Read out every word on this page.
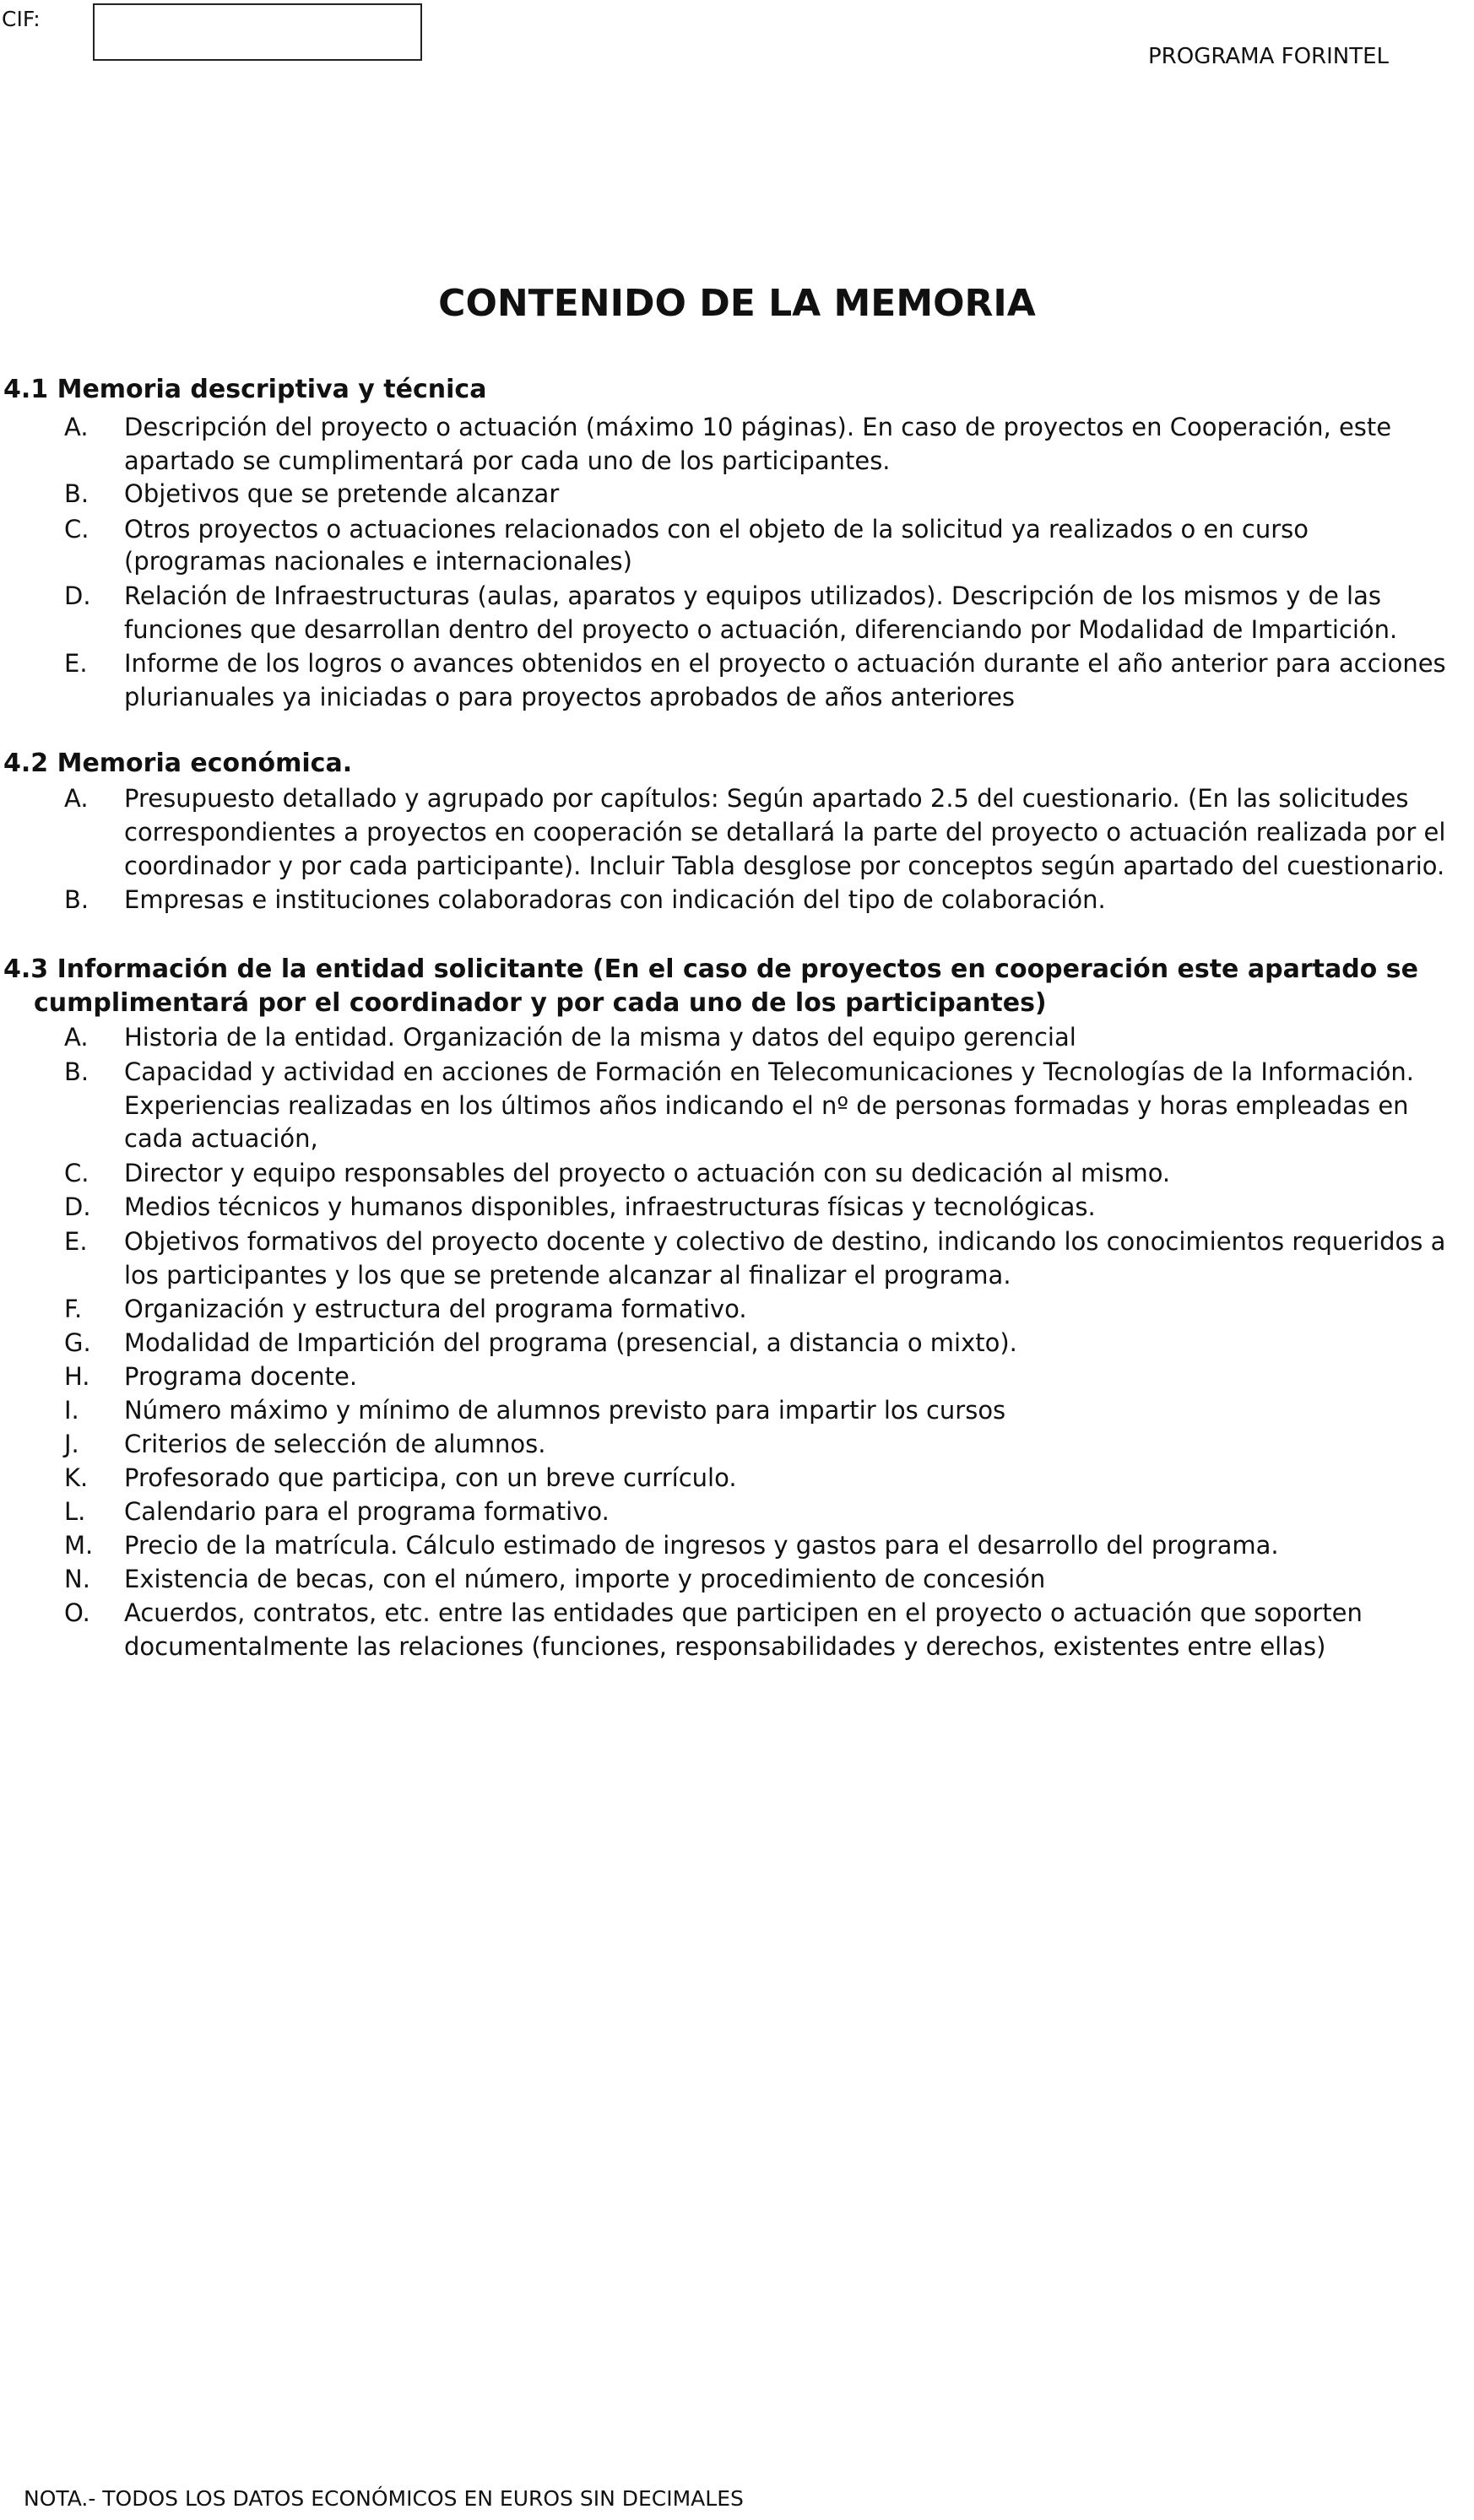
CIF:
PROGRAMA FORINTEL
CONTENIDO DE LA MEMORIA
4.1 Memoria descriptiva y técnica
A.	Descripción del proyecto o actuación (máximo 10 páginas). En caso de proyectos en Cooperación, este
apartado se cumplimentará por cada uno de los participantes.
B.	Objetivos que se pretende alcanzar
C.	Otros proyectos o actuaciones relacionados con el objeto de la solicitud ya realizados o en curso
(programas nacionales e internacionales)
D.	Relación de Infraestructuras (aulas, aparatos y equipos utilizados). Descripción de los mismos y de las
funciones que desarrollan dentro del proyecto o actuación, diferenciando por Modalidad de Impartición.
E.	Informe de los logros o avances obtenidos en el proyecto o actuación durante el año anterior para acciones
plurianuales ya iniciadas o para proyectos aprobados de años anteriores
4.2 Memoria económica.
A.	Presupuesto detallado y agrupado por capítulos: Según apartado 2.5 del cuestionario. (En las solicitudes
correspondientes a proyectos en cooperación se detallará la parte del proyecto o actuación realizada por el
coordinador y por cada participante). Incluir Tabla desglose por conceptos según apartado del cuestionario.
B.	Empresas e instituciones colaboradoras con indicación del tipo de colaboración.
4.3 Información de la entidad solicitante (En el caso de proyectos en cooperación este apartado se
cumplimentará por el coordinador y por cada uno de los participantes)
A.	Historia de la entidad. Organización de la misma y datos del equipo gerencial
B.	Capacidad y actividad en acciones de Formación en Telecomunicaciones y Tecnologías de la Información.
Experiencias realizadas en los últimos años indicando el nº de personas formadas y horas empleadas en
cada actuación,
C.	Director y equipo responsables del proyecto o actuación con su dedicación al mismo.
D.	Medios técnicos y humanos disponibles, infraestructuras físicas y tecnológicas.
E.	Objetivos formativos del proyecto docente y colectivo de destino, indicando los conocimientos requeridos a
los participantes y los que se pretende alcanzar al finalizar el programa.
F.	Organización y estructura del programa formativo.
G.	Modalidad de Impartición del programa (presencial, a distancia o mixto).
H.	Programa docente.
I.	Número máximo y mínimo de alumnos previsto para impartir los cursos
J.	Criterios de selección de alumnos.
K.	Profesorado que participa, con un breve currículo.
L.	Calendario para el programa formativo.
M.	Precio de la matrícula. Cálculo estimado de ingresos y gastos para el desarrollo del programa.
N.	Existencia de becas, con el número, importe y procedimiento de concesión
O.	Acuerdos, contratos, etc. entre las entidades que participen en el proyecto o actuación que soporten
documentalmente las relaciones (funciones, responsabilidades y derechos, existentes entre ellas)
NOTA.- TODOS LOS DATOS ECONÓMICOS EN EUROS SIN DECIMALES
